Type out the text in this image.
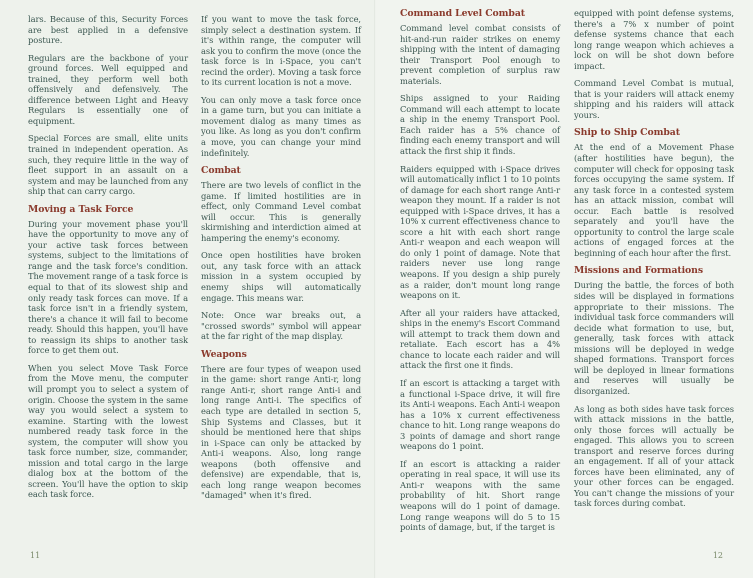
lars. Because of this, Security Forces are best applied in a defensive posture.

Regulars are the backbone of your ground forces. Well equipped and trained, they perform well both offensively and defensively. The difference between Light and Heavy Regulars is essentially one of equipment.

Special Forces are small, elite units trained in independent operation. As such, they require little in the way of fleet support in an assault on a system and may be launched from any ship that can carry cargo.

Moving a Task Force

During your movement phase you'll have the opportunity to move any of your active task forces between systems, subject to the limitations of range and the task force's condition. The movement range of a task force is equal to that of its slowest ship and only ready task forces can move. If a task force isn't in a friendly system, there's a chance it will fail to become ready. Should this happen, you'll have to reassign its ships to another task force to get them out.

When you select Move Task Force from the Move menu, the computer will prompt you to select a system of origin. Choose the system in the same way you would select a system to examine. Starting with the lowest numbered ready task force in the system, the computer will show you task force number, size, commander, mission and total cargo in the large dialog box at the bottom of the screen. You'll have the option to skip each task force.

If you want to move the task force, simply select a destination system. If it's within range, the computer will ask you to confirm the move (once the task force is in i-Space, you can't recind the order). Moving a task force to its current location is not a move.

You can only move a task force once in a game turn, but you can initiate a movement dialog as many times as you like. As long as you don't confirm a move, you can change your mind indefinitely.

Combat

There are two levels of conflict in the game. If limited hostilities are in effect, only Command Level combat will occur. This is generally skirmishing and interdiction aimed at hampering the enemy's economy.

Once open hostilities have broken out, any task force with an attack mission in a system occupied by enemy ships will automatically engage. This means war.

Note: Once war breaks out, a "crossed swords" symbol will appear at the far right of the map display.

Weapons

There are four types of weapon used in the game: short range Anti-r, long range Anti-r, short range Anti-i and long range Anti-i. The specifics of each type are detailed in section 5, Ship Systems and Classes, but it should be mentioned here that ships in i-Space can only be attacked by Anti-i weapons. Also, long range weapons (both offensive and defensive) are expendable, that is, each long range weapon becomes "damaged" when it's fired.

11
Command Level Combat

Command level combat consists of hit-and-run raider strikes on enemy shipping with the intent of damaging their Transport Pool enough to prevent completion of surplus raw materials.

Ships assigned to your Raiding Command will each attempt to locate a ship in the enemy Transport Pool. Each raider has a 5% chance of finding each enemy transport and will attack the first ship it finds.

Raiders equipped with i-Space drives will automatically inflict 1 to 10 points of damage for each short range Anti-r weapon they mount. If a raider is not equipped with i-Space drives, it has a 10% x current effectiveness chance to score a hit with each short range Anti-r weapon and each weapon will do only 1 point of damage. Note that raiders never use long range weapons. If you design a ship purely as a raider, don't mount long range weapons on it.

After all your raiders have attacked, ships in the enemy's Escort Command will attempt to track them down and retaliate. Each escort has a 4% chance to locate each raider and will attack the first one it finds.

If an escort is attacking a target with a functional i-Space drive, it will fire its Anti-i weapons. Each Anti-i weapon has a 10% x current effectiveness chance to hit. Long range weapons do 3 points of damage and short range weapons do 1 point.

If an escort is attacking a raider operating in real space, it will use its Anti-r weapons with the same probability of hit. Short range weapons will do 1 point of damage. Long range weapons will do 5 to 15 points of damage, but, if the target is

equipped with point defense systems, there's a 7% x number of point defense systems chance that each long range weapon which achieves a lock on will be shot down before impact.

Command Level Combat is mutual, that is your raiders will attack enemy shipping and his raiders will attack yours.

Ship to Ship Combat

At the end of a Movement Phase (after hostilities have begun), the computer will check for opposing task forces occupying the same system. If any task force in a contested system has an attack mission, combat will occur. Each battle is resolved separately and you'll have the opportunity to control the large scale actions of engaged forces at the beginning of each hour after the first.

Missions and Formations

During the battle, the forces of both sides will be displayed in formations appropriate to their missions. The individual task force commanders will decide what formation to use, but, generally, task forces with attack missions will be deployed in wedge shaped formations. Transport forces will be deployed in linear formations and reserves will usually be disorganized.

As long as both sides have task forces with attack missions in the battle, only those forces will actually be engaged. This allows you to screen transport and reserve forces during an engagement. If all of your attack forces have been eliminated, any of your other forces can be engaged. You can't change the missions of your task forces during combat.

12
